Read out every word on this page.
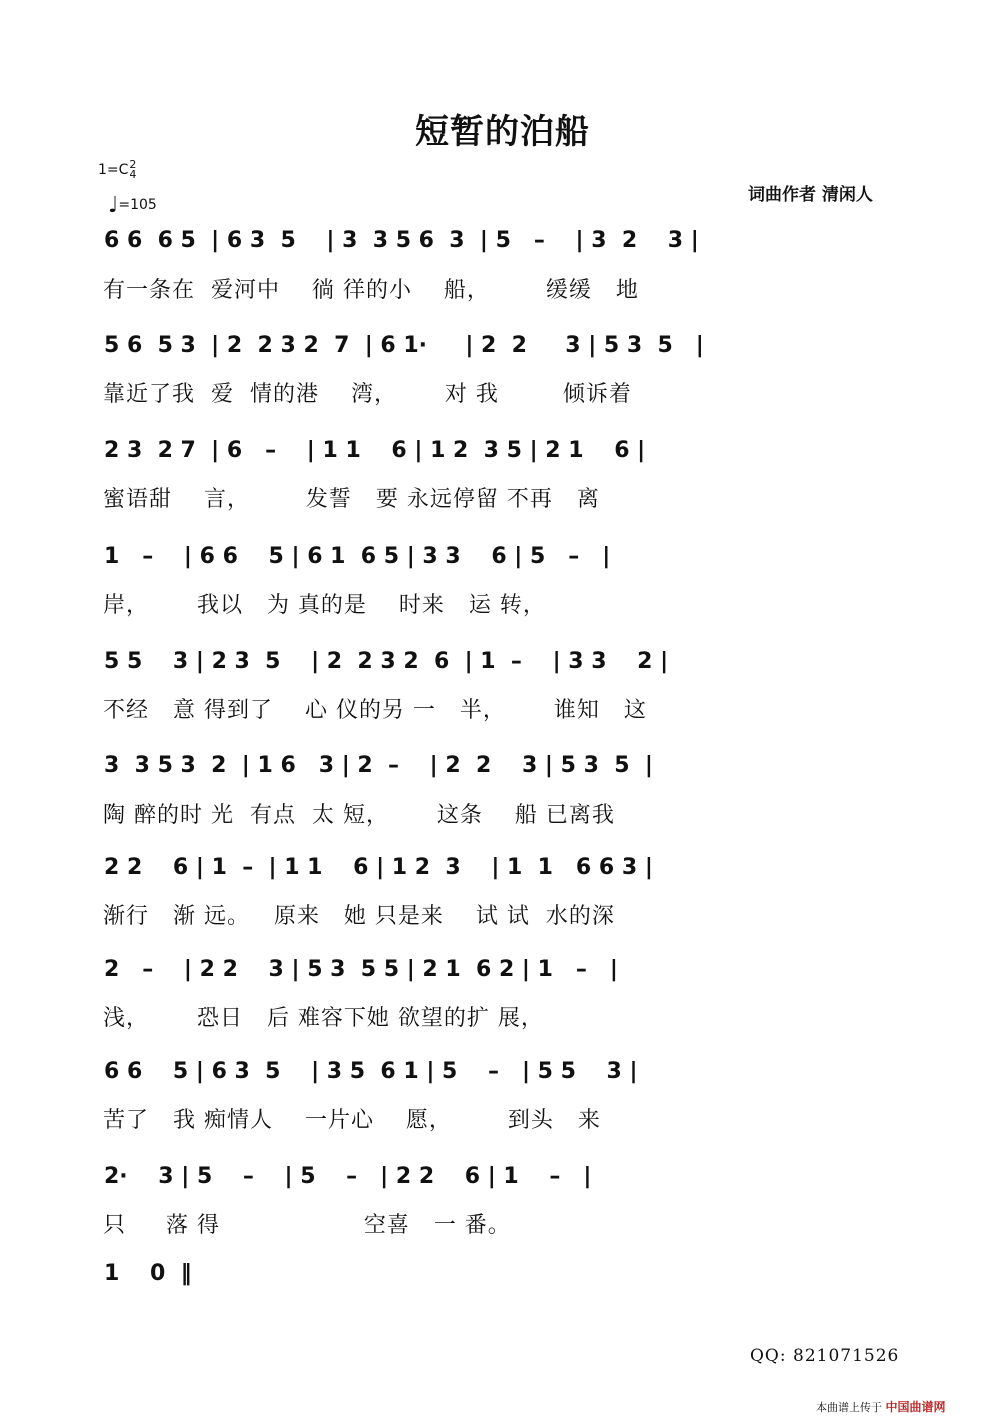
短暂的泊船
1=C2
4
♩=105	词曲作者 清闲人
6 6  6 5  | 6 3  5    | 3  3 5 6  3  | 5   –    | 3  2    3 |
有一条在  爱河中    徜 徉的小    船，       缓缓   地
5 6  5 3  | 2  2 3 2  7  | 6 1·     | 2  2     3 | 5 3  5   |
靠近了我  爱  情的港    湾，      对 我        倾诉着
2 3  2 7  | 6   –    | 1 1    6 | 1 2  3 5 | 2 1    6 |
蜜语甜    言，       发誓   要 永远停留 不再   离
1   –    | 6 6    5 | 6 1  6 5 | 3 3    6 | 5   –   |
岸，      我以   为 真的是    时来   运 转，
5 5    3 | 2 3  5    | 2  2 3 2  6  | 1  –    | 3 3    2 |
不经   意 得到了    心 仪的另 一   半，      谁知   这
3  3 5 3  2  | 1 6   3 | 2  –    | 2  2    3 | 5 3  5  |
陶 醉的时 光  有点  太 短，      这条    船 已离我
2 2    6 | 1  –  | 1 1    6 | 1 2  3    | 1  1   6 6 3 |
渐行   渐 远。   原来   她 只是来    试 试  水的深
2   –    | 2 2    3 | 5 3  5 5 | 2 1  6 2 | 1   –   |
浅，      恐日   后 难容下她 欲望的扩 展，
6 6    5 | 6 3  5    | 3 5  6 1 | 5    –   | 5 5    3 |
苦了   我 痴情人    一片心    愿，       到头   来
2·    3 | 5    –    | 5    –   | 2 2    6 | 1    –   |
只     落 得                  空喜   一 番。
1    0  ‖
QQ: 821071526
本曲谱上传于 中国曲谱网
